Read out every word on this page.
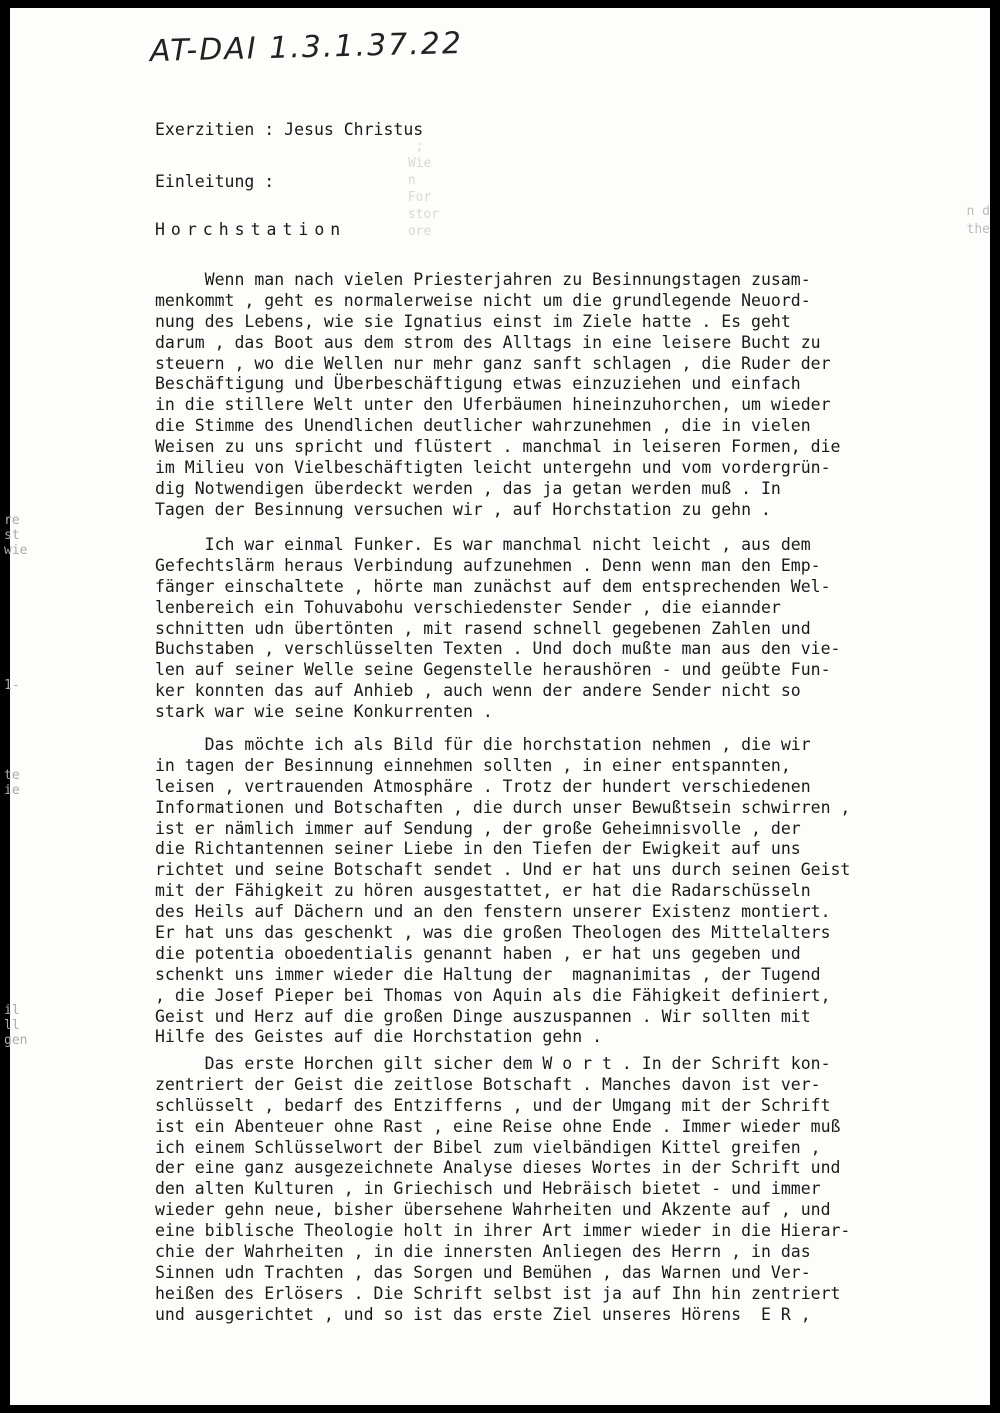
;
Wie
n
For
stor
ore
n d
the
re
st
wie
1-
te
ie
il
ll
gen
AT-DAI 1.3.1.37.22
Exerzitien : Jesus Christus
Einleitung :
Horchstation
Wenn man nach vielen Priesterjahren zu Besinnungstagen zusam-
menkommt , geht es normalerweise nicht um die grundlegende Neuord-
nung des Lebens, wie sie Ignatius einst im Ziele hatte . Es geht
darum , das Boot aus dem strom des Alltags in eine leisere Bucht zu
steuern , wo die Wellen nur mehr ganz sanft schlagen , die Ruder der
Beschäftigung und Überbeschäftigung etwas einzuziehen und einfach
in die stillere Welt unter den Uferbäumen hineinzuhorchen, um wieder
die Stimme des Unendlichen deutlicher wahrzunehmen , die in vielen
Weisen zu uns spricht und flüstert . manchmal in leiseren Formen, die
im Milieu von Vielbeschäftigten leicht untergehn und vom vordergrün-
dig Notwendigen überdeckt werden , das ja getan werden muß . In
Tagen der Besinnung versuchen wir , auf Horchstation zu gehn .
Ich war einmal Funker. Es war manchmal nicht leicht , aus dem
Gefechtslärm heraus Verbindung aufzunehmen . Denn wenn man den Emp-
fänger einschaltete , hörte man zunächst auf dem entsprechenden Wel-
lenbereich ein Tohuvabohu verschiedenster Sender , die eiannder
schnitten udn übertönten , mit rasend schnell gegebenen Zahlen und
Buchstaben , verschlüsselten Texten . Und doch mußte man aus den vie-
len auf seiner Welle seine Gegenstelle heraushören - und geübte Fun-
ker konnten das auf Anhieb , auch wenn der andere Sender nicht so
stark war wie seine Konkurrenten .
Das möchte ich als Bild für die horchstation nehmen , die wir
in tagen der Besinnung einnehmen sollten , in einer entspannten,
leisen , vertrauenden Atmosphäre . Trotz der hundert verschiedenen
Informationen und Botschaften , die durch unser Bewußtsein schwirren ,
ist er nämlich immer auf Sendung , der große Geheimnisvolle , der
die Richtantennen seiner Liebe in den Tiefen der Ewigkeit auf uns
richtet und seine Botschaft sendet . Und er hat uns durch seinen Geist
mit der Fähigkeit zu hören ausgestattet, er hat die Radarschüsseln
des Heils auf Dächern und an den fenstern unserer Existenz montiert.
Er hat uns das geschenkt , was die großen Theologen des Mittelalters
die potentia oboedentialis genannt haben , er hat uns gegeben und
schenkt uns immer wieder die Haltung der  magnanimitas , der Tugend
, die Josef Pieper bei Thomas von Aquin als die Fähigkeit definiert,
Geist und Herz auf die großen Dinge auszuspannen . Wir sollten mit
Hilfe des Geistes auf die Horchstation gehn .
Das erste Horchen gilt sicher dem W o r t . In der Schrift kon-
zentriert der Geist die zeitlose Botschaft . Manches davon ist ver-
schlüsselt , bedarf des Entzifferns , und der Umgang mit der Schrift
ist ein Abenteuer ohne Rast , eine Reise ohne Ende . Immer wieder muß
ich einem Schlüsselwort der Bibel zum vielbändigen Kittel greifen ,
der eine ganz ausgezeichnete Analyse dieses Wortes in der Schrift und
den alten Kulturen , in Griechisch und Hebräisch bietet - und immer
wieder gehn neue, bisher übersehene Wahrheiten und Akzente auf , und
eine biblische Theologie holt in ihrer Art immer wieder in die Hierar-
chie der Wahrheiten , in die innersten Anliegen des Herrn , in das
Sinnen udn Trachten , das Sorgen und Bemühen , das Warnen und Ver-
heißen des Erlösers . Die Schrift selbst ist ja auf Ihn hin zentriert
und ausgerichtet , und so ist das erste Ziel unseres Hörens  E R ,
